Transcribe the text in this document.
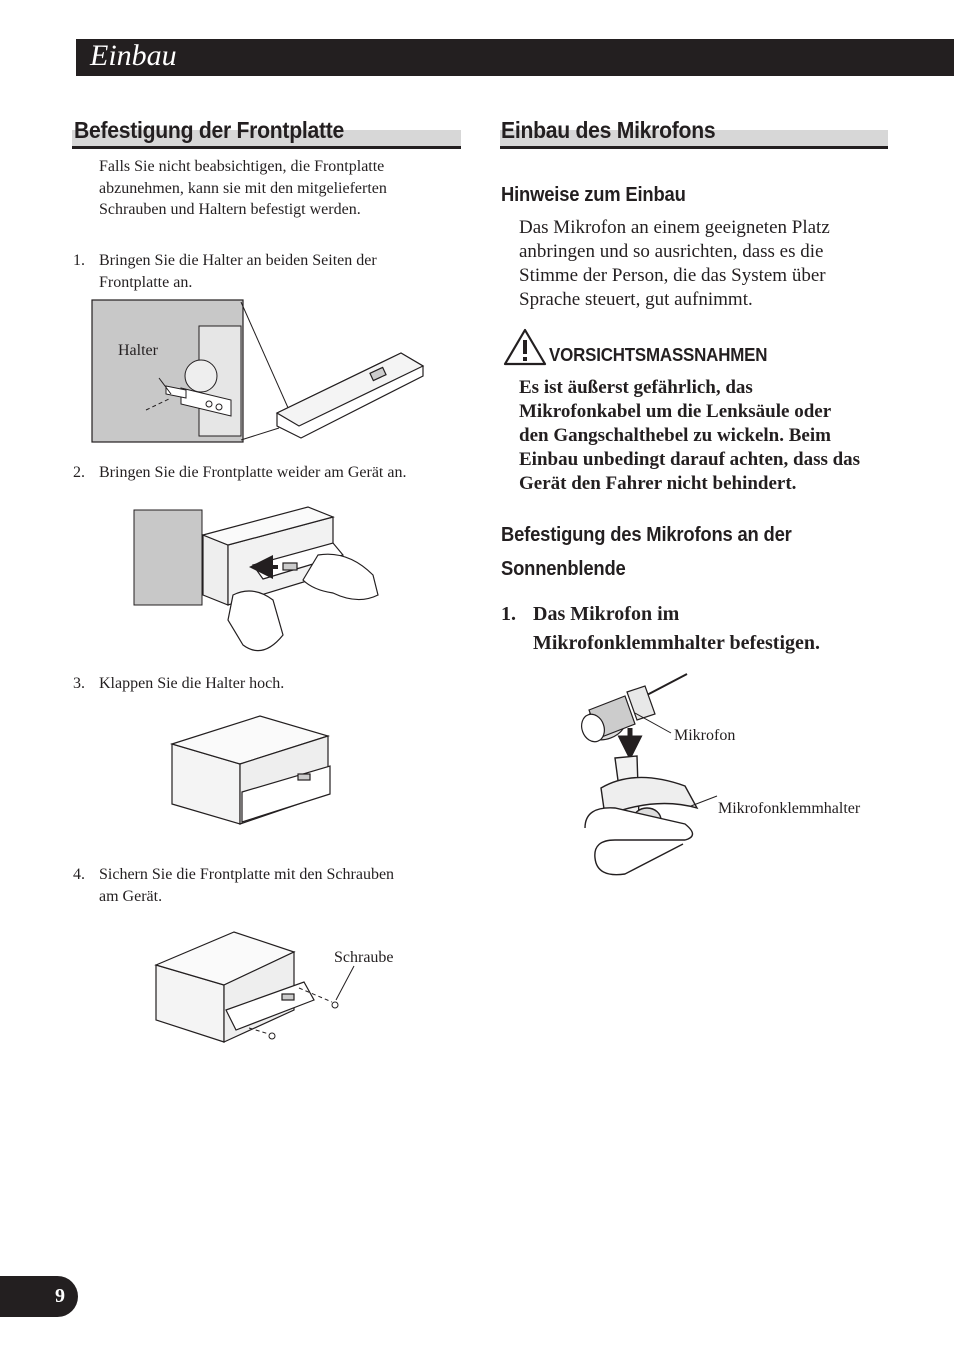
Einbau
Befestigung der Frontplatte
Falls Sie nicht beabsichtigen, die Frontplatte
abzunehmen, kann sie mit den mitgelieferten
Schrauben und Haltern befestigt werden.
1. Bringen Sie die Halter an beiden Seiten der
Frontplatte an.
Halter
2. Bringen Sie die Frontplatte weider am Gerät an.
3. Klappen Sie die Halter hoch.
4. Sichern Sie die Frontplatte mit den Schrauben
am Gerät.
Schraube
Einbau des Mikrofons
Hinweise zum Einbau
Das Mikrofon an einem geeigneten Platz
anbringen und so ausrichten, dass es die
Stimme der Person, die das System über
Sprache steuert, gut aufnimmt.
VORSICHTSMASSNAHMEN
Es ist äußerst gefährlich, das
Mikrofonkabel um die Lenksäule oder
den Gangschalthebel zu wickeln. Beim
Einbau unbedingt darauf achten, dass das
Gerät den Fahrer nicht behindert.
Befestigung des Mikrofons an der
Sonnenblende
1. Das Mikrofon im
Mikrofonklemmhalter befestigen.
Mikrofon
Mikrofonklemmhalter
9
